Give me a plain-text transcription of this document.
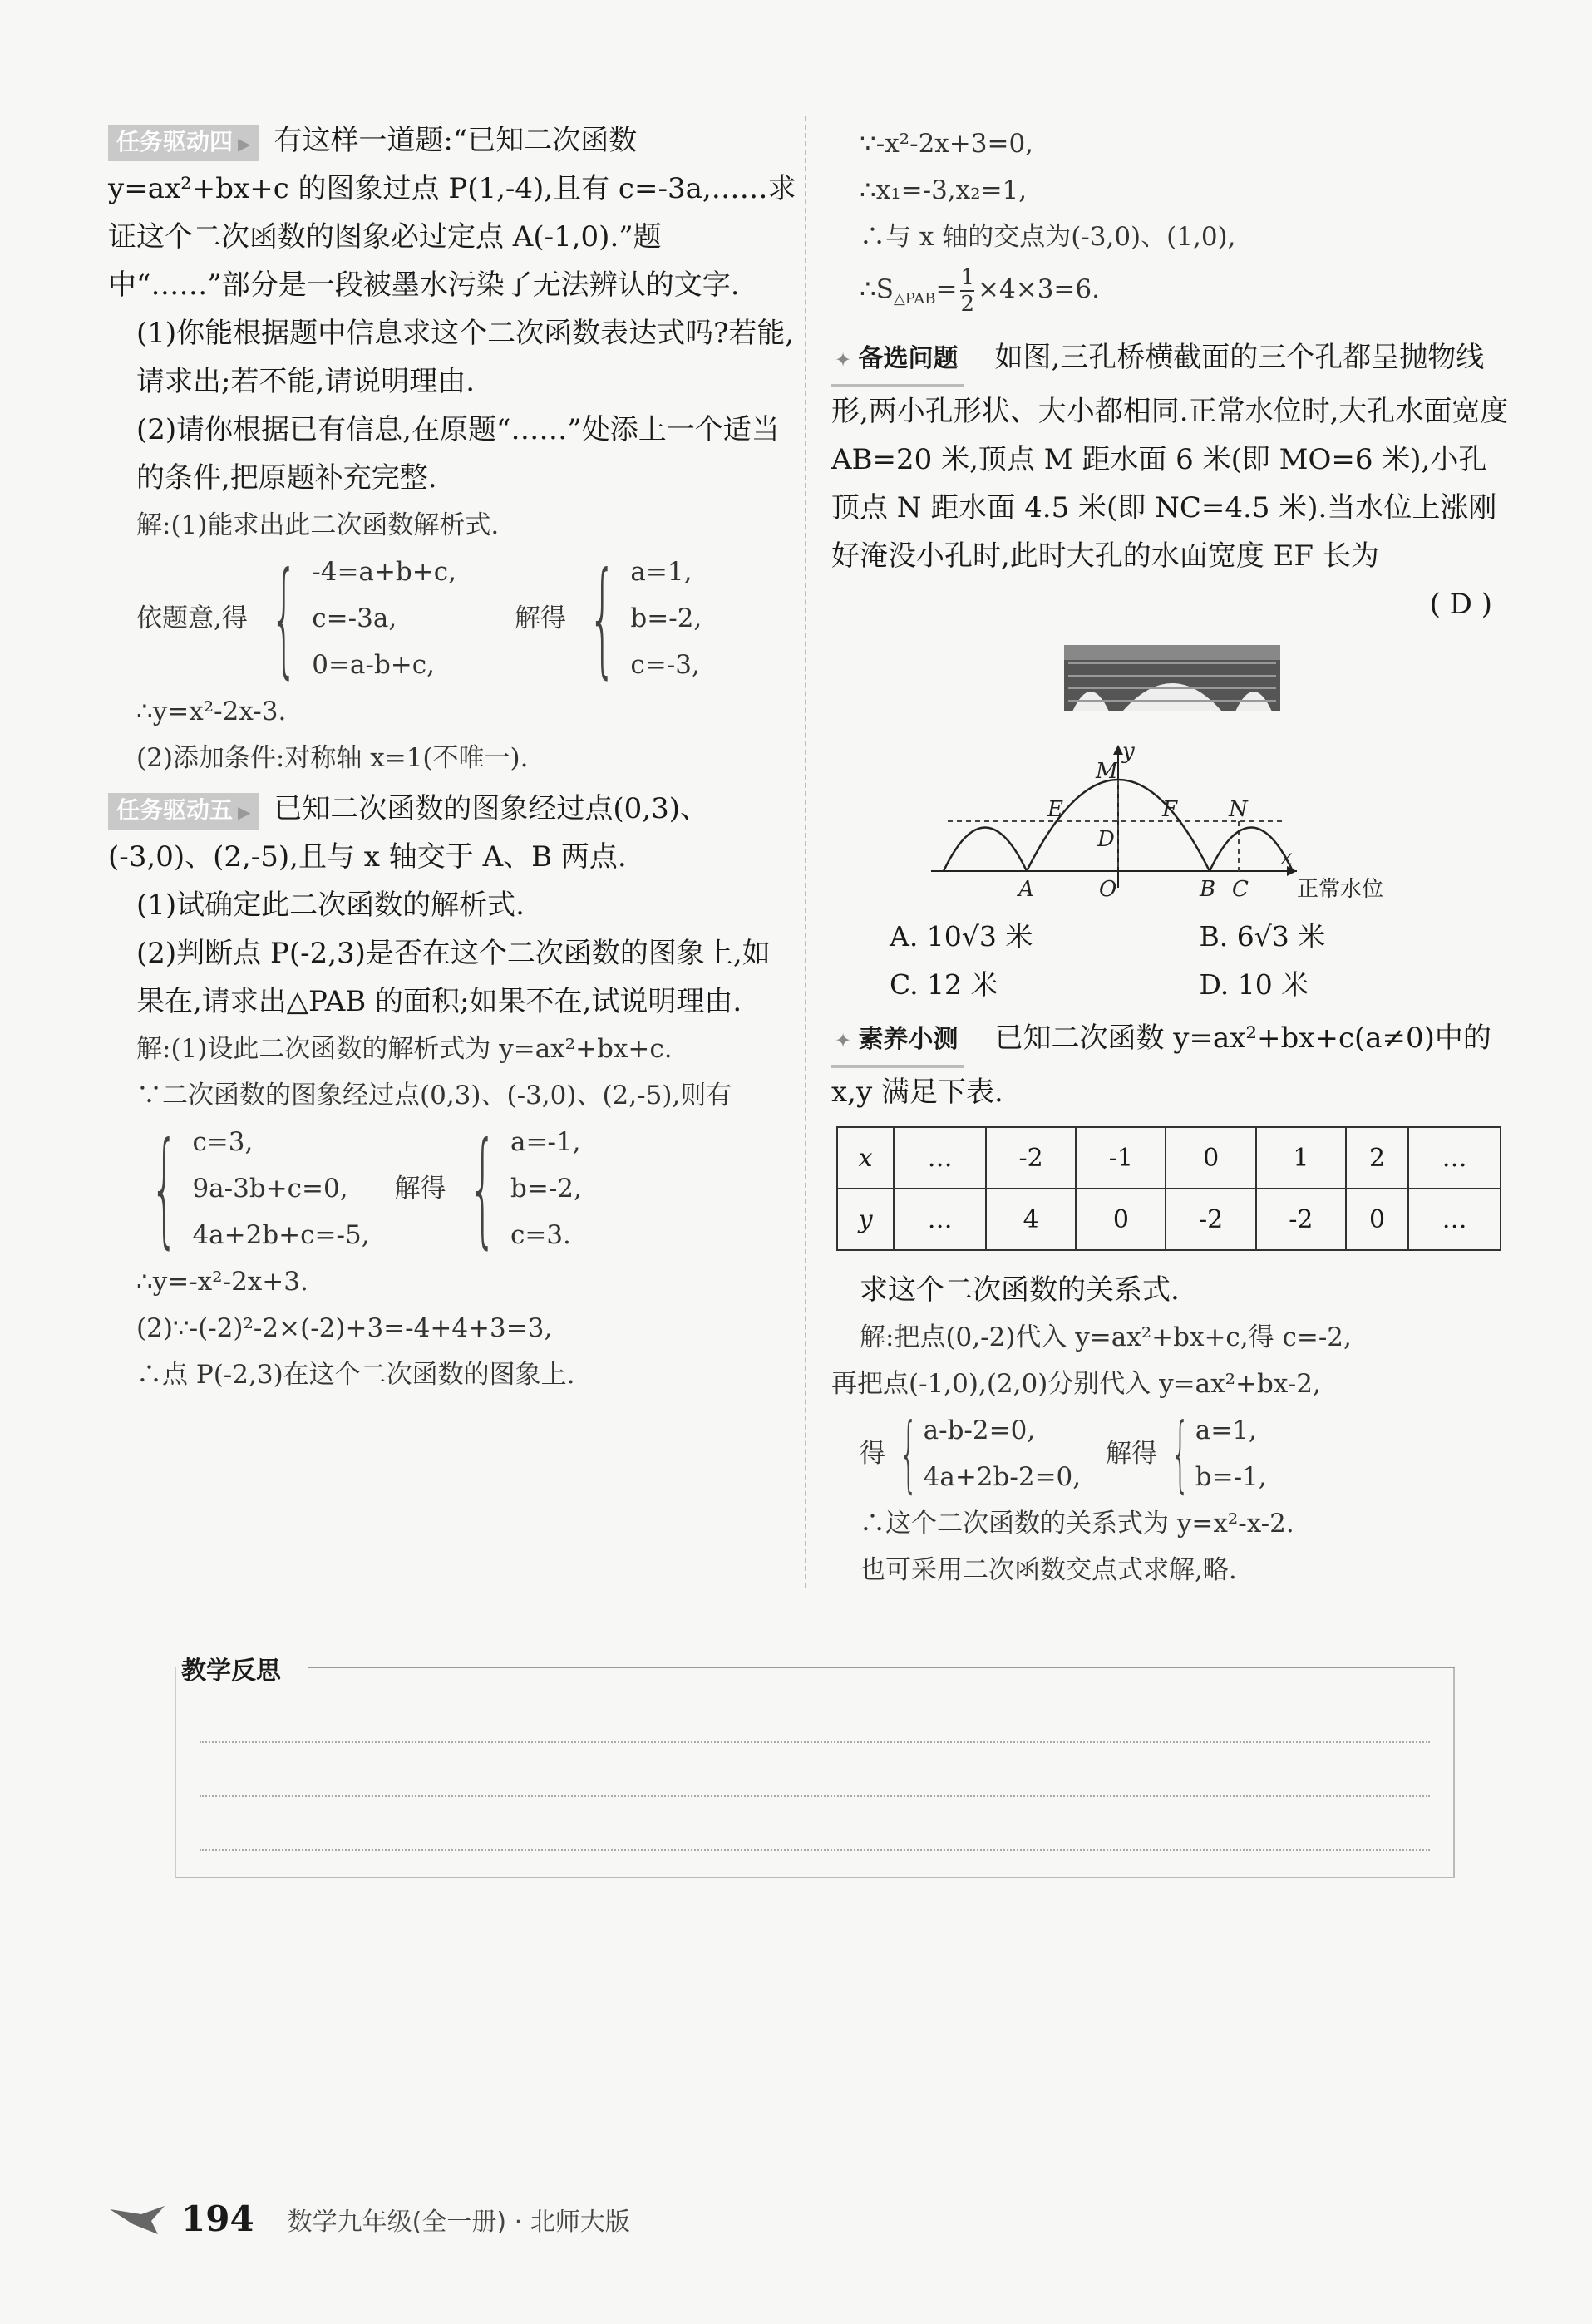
任务驱动四 ▶ 有这样一道题:“已知二次函数 y=ax²+bx+c 的图象过点 P(1,-4),且有 c=-3a,……求证这个二次函数的图象必过定点 A(-1,0).”题中“……”部分是一段被墨水污染了无法辨认的文字.

(1)你能根据题中信息求这个二次函数表达式吗?若能,请求出;若不能,请说明理由.

(2)请你根据已有信息,在原题“……”处添上一个适当的条件,把原题补充完整.

解:(1)能求出此二次函数解析式.

依题意,得 { -4=a+b+c,
c=-3a,
0=a-b+c,
解得 { a=1,
b=-2,
c=-3,

∴y=x²-2x-3.

(2)添加条件:对称轴 x=1(不唯一).

任务驱动五 ▶ 已知二次函数的图象经过点(0,3)、(-3,0)、(2,-5),且与 x 轴交于 A、B 两点.

(1)试确定此二次函数的解析式.

(2)判断点 P(-2,3)是否在这个二次函数的图象上,如果在,请求出△PAB 的面积;如果不在,试说明理由.

解:(1)设此二次函数的解析式为 y=ax²+bx+c.

∵二次函数的图象经过点(0,3)、(-3,0)、(2,-5),则有

{ c=3,
9a-3b+c=0,
4a+2b+c=-5,
解得 { a=-1,
b=-2,
c=3.

∴y=-x²-2x+3.

(2)∵-(-2)²-2×(-2)+3=-4+4+3=3,

∴点 P(-2,3)在这个二次函数的图象上.

∵-x²-2x+3=0,

∴x₁=-3,x₂=1,

∴与 x 轴的交点为(-3,0)、(1,0),

$\therefore S_{\triangle PAB}= \frac{1}{2} \times 4\times 3=6$.

✦ 备选问题 如图,三孔桥横截面的三个孔都呈抛物线形,两小孔形状、大小都相同.正常水位时,大孔水面宽度 AB=20 米,顶点 M 距水面 6 米(即 MO=6 米),小孔顶点 N 距水面 4.5 米(即 NC=4.5 米).当水位上涨刚好淹没小孔时,此时大孔的水面宽度 EF 长为

( D )

M
y
E	F N
D
A	O	B C
x
正常水位
A. 10√3 米	B. 6√3 米
C. 12 米	D. 10 米

✦ 素养小测 已知二次函数 y=ax²+bx+c(a≠0)中的 x,y 满足下表.

x	…	-2	-1	0	1	2	…
y	…	4	0	-2	-2	0	…

求这个二次函数的关系式.

解:把点(0,-2)代入 y=ax²+bx+c,得 c=-2,

再把点(-1,0),(2,0)分别代入 y=ax²+bx-2,

得 { a-b-2=0,
4a+2b-2=0,
解得 { a=1,
b=-1,

∴这个二次函数的关系式为 y=x²-x-2.

也可采用二次函数交点式求解,略.

教学反思
194 数学九年级(全一册) · 北师大版
